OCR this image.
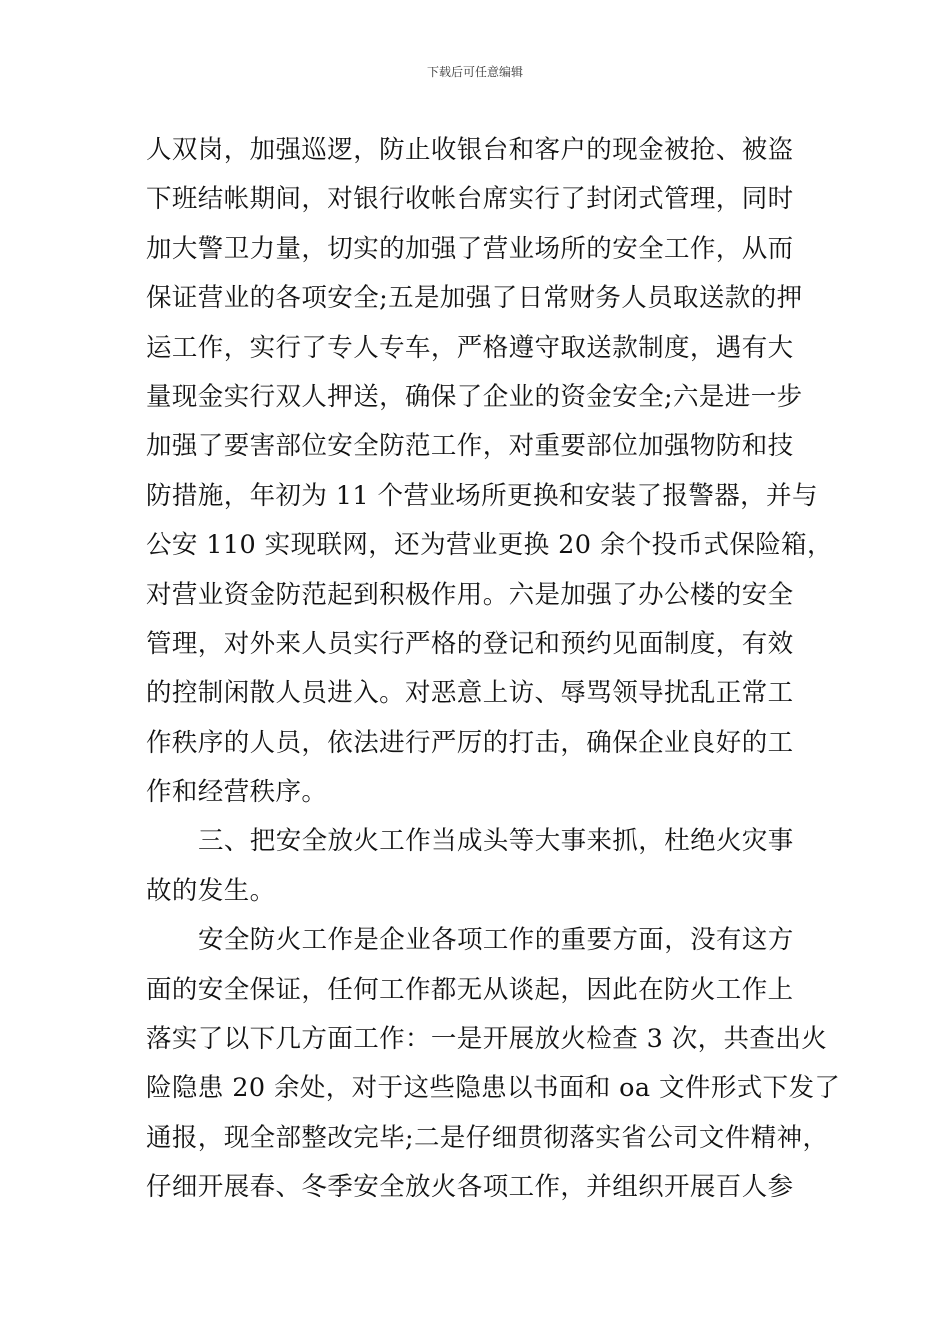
下载后可任意编辑
人双岗，加强巡逻，防止收银台和客户的现金被抢、被盗
下班结帐期间，对银行收帐台席实行了封闭式管理，同时
加大警卫力量，切实的加强了营业场所的安全工作，从而
保证营业的各项安全;五是加强了日常财务人员取送款的押
运工作，实行了专人专车，严格遵守取送款制度，遇有大
量现金实行双人押送，确保了企业的资金安全;六是进一步
加强了要害部位安全防范工作，对重要部位加强物防和技
防措施，年初为 11 个营业场所更换和安装了报警器，并与
公安 110 实现联网，还为营业更换 20 余个投币式保险箱，
对营业资金防范起到积极作用。六是加强了办公楼的安全
管理，对外来人员实行严格的登记和预约见面制度，有效
的控制闲散人员进入。对恶意上访、辱骂领导扰乱正常工
作秩序的人员，依法进行严厉的打击，确保企业良好的工
作和经营秩序。
三、把安全放火工作当成头等大事来抓，杜绝火灾事
故的发生。
安全防火工作是企业各项工作的重要方面，没有这方
面的安全保证，任何工作都无从谈起，因此在防火工作上
落实了以下几方面工作：一是开展放火检查 3 次，共查出火
险隐患 20 余处，对于这些隐患以书面和 oa 文件形式下发了
通报，现全部整改完毕;二是仔细贯彻落实省公司文件精神，
仔细开展春、冬季安全放火各项工作，并组织开展百人参
